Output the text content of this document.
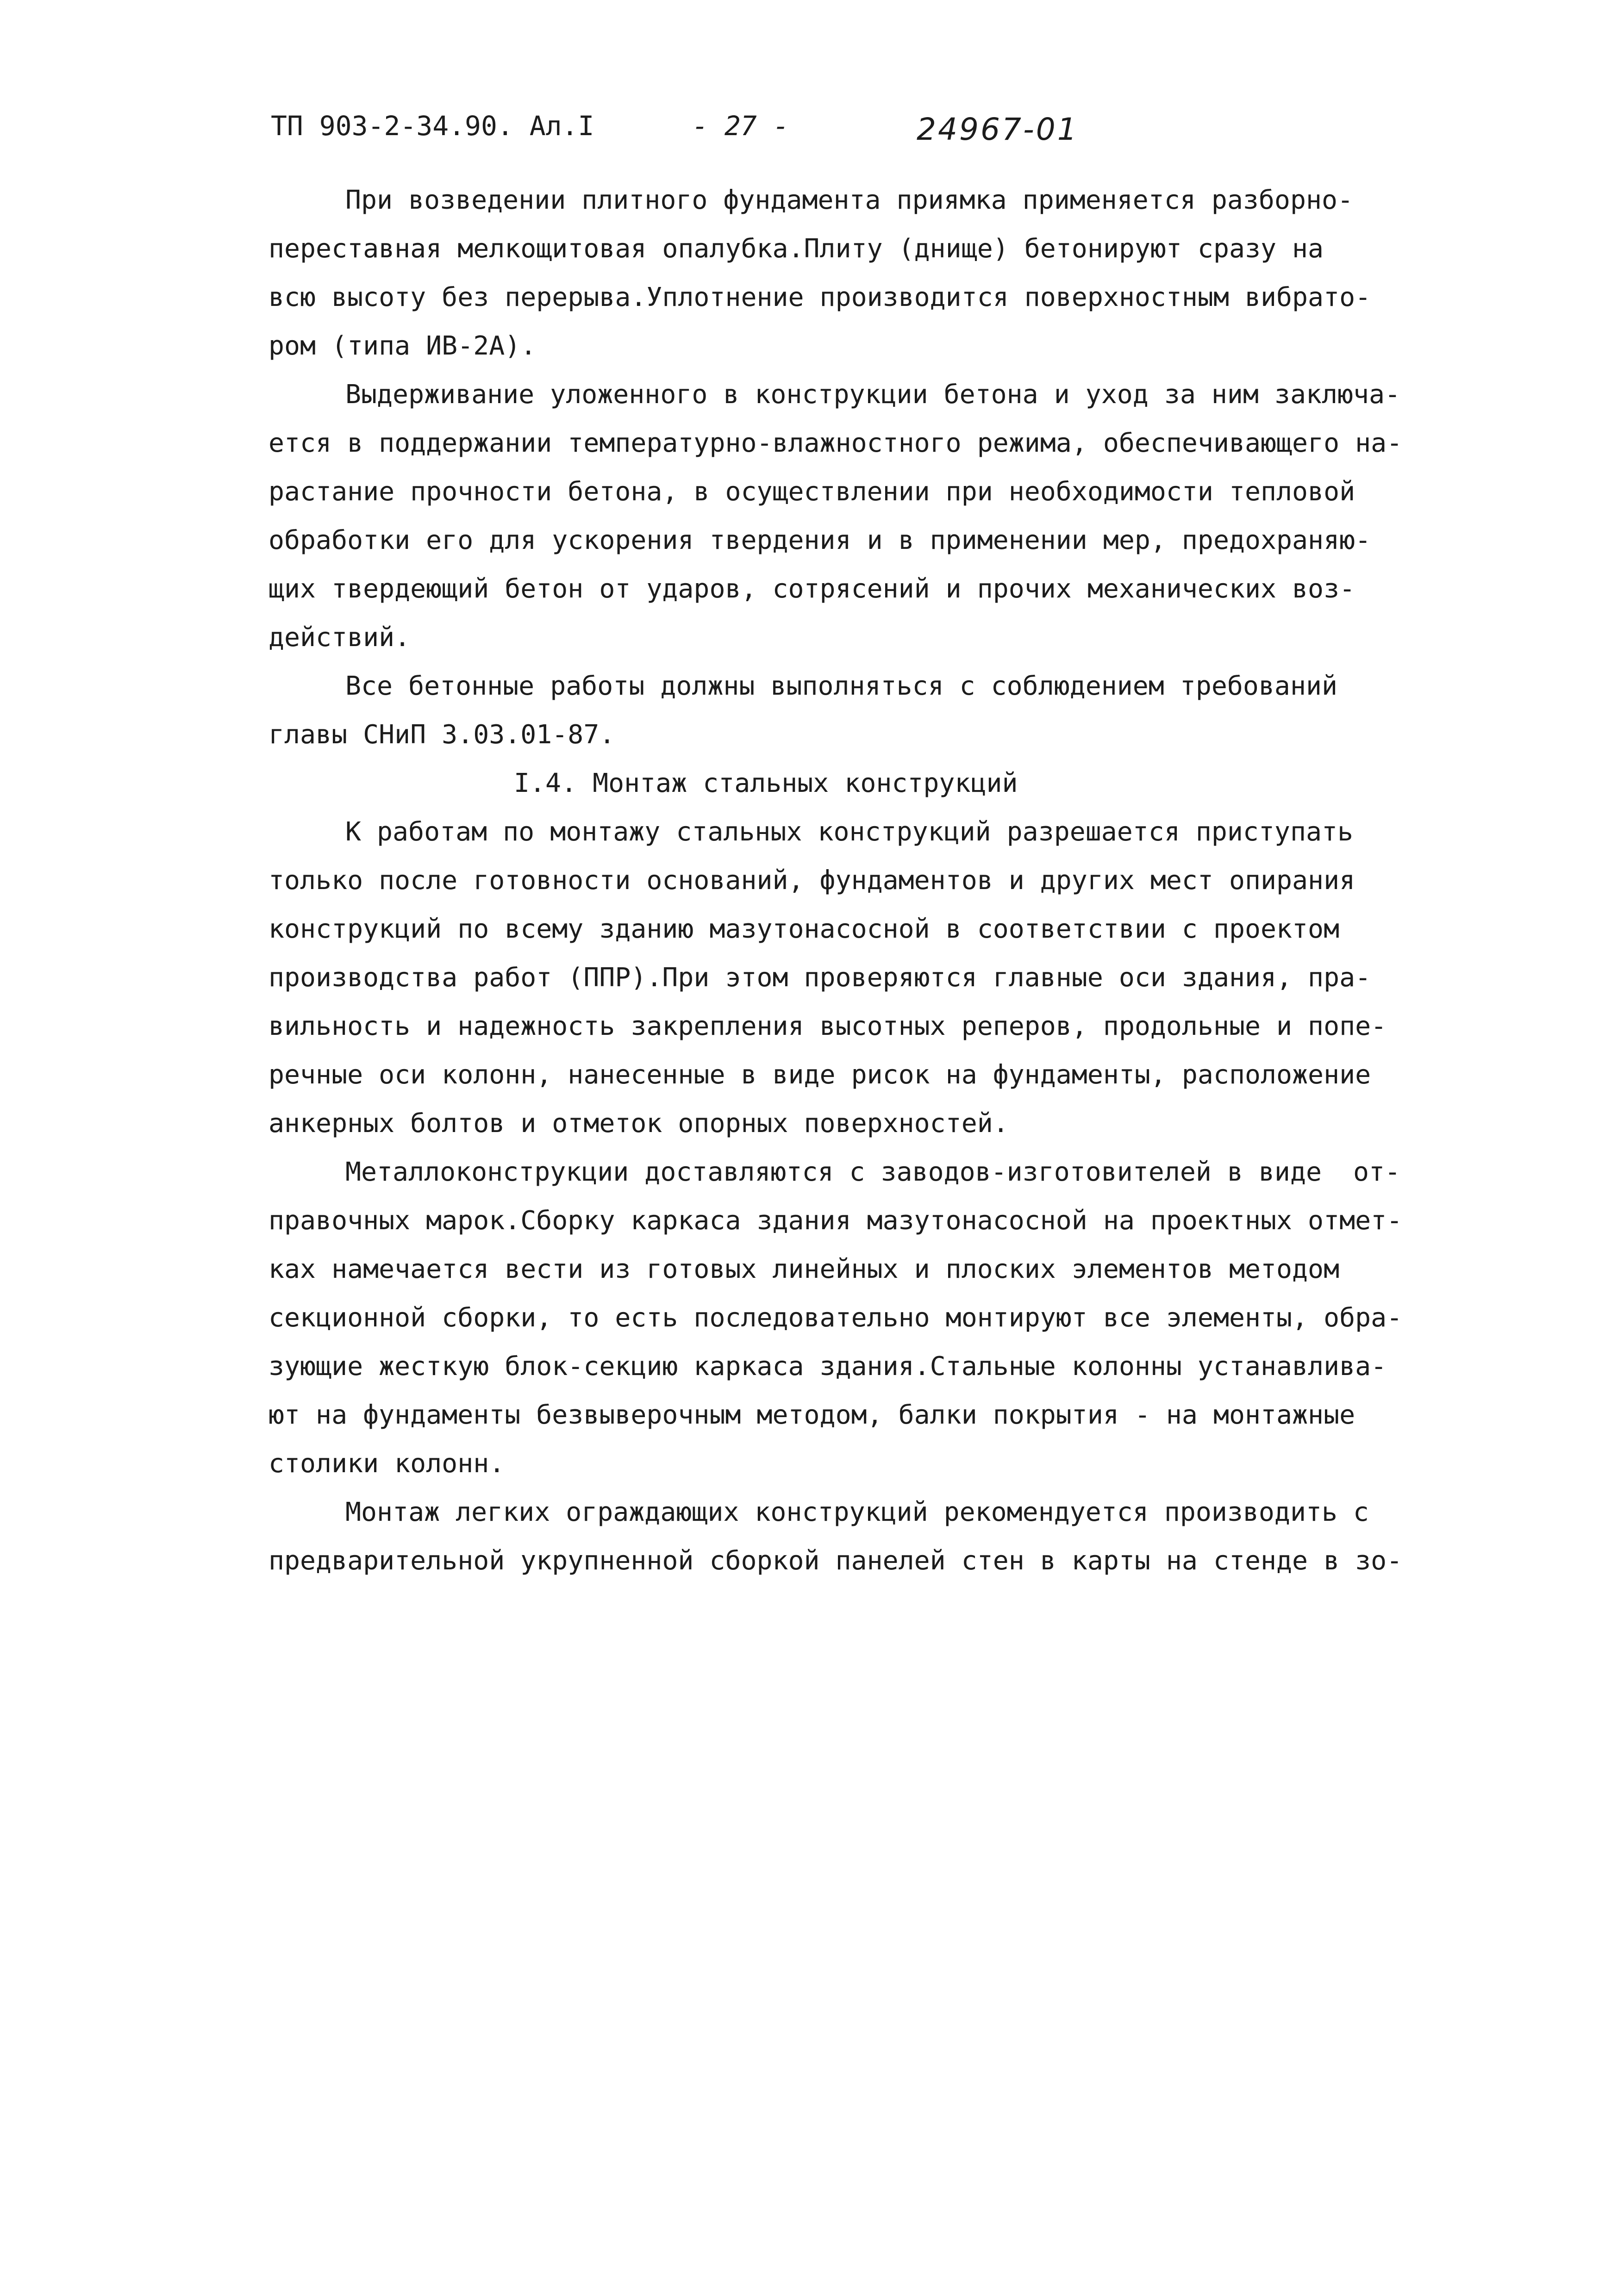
ТП 903-2-34.90. Ал.I	- 27 -	24967-01
При возведении плитного фундамента приямка применяется разборно-
переставная мелкощитовая опалубка.Плиту (днище) бетонируют сразу на
всю высоту без перерыва.Уплотнение производится поверхностным вибрато-
ром (типа ИВ-2А).
Выдерживание уложенного в конструкции бетона и уход за ним заключа-
ется в поддержании температурно-влажностного режима, обеспечивающего на-
растание прочности бетона, в осуществлении при необходимости тепловой
обработки его для ускорения твердения и в применении мер, предохраняю-
щих твердеющий бетон от ударов, сотрясений и прочих механических воз-
действий.
Все бетонные работы должны выполняться с соблюдением требований
главы СНиП 3.03.01-87.
I.4. Монтаж стальных конструкций
К работам по монтажу стальных конструкций разрешается приступать
только после готовности оснований, фундаментов и других мест опирания
конструкций по всему зданию мазутонасосной в соответствии с проектом
производства работ (ППР).При этом проверяются главные оси здания, пра-
вильность и надежность закрепления высотных реперов, продольные и попе-
речные оси колонн, нанесенные в виде рисок на фундаменты, расположение
анкерных болтов и отметок опорных поверхностей.
Металлоконструкции доставляются с заводов-изготовителей в виде  от-
правочных марок.Сборку каркаса здания мазутонасосной на проектных отмет-
ках намечается вести из готовых линейных и плоских элементов методом
секционной сборки, то есть последовательно монтируют все элементы, обра-
зующие жесткую блок-секцию каркаса здания.Стальные колонны устанавлива-
ют на фундаменты безвыверочным методом, балки покрытия - на монтажные
столики колонн.
Монтаж легких ограждающих конструкций рекомендуется производить с
предварительной укрупненной сборкой панелей стен в карты на стенде в зо-
